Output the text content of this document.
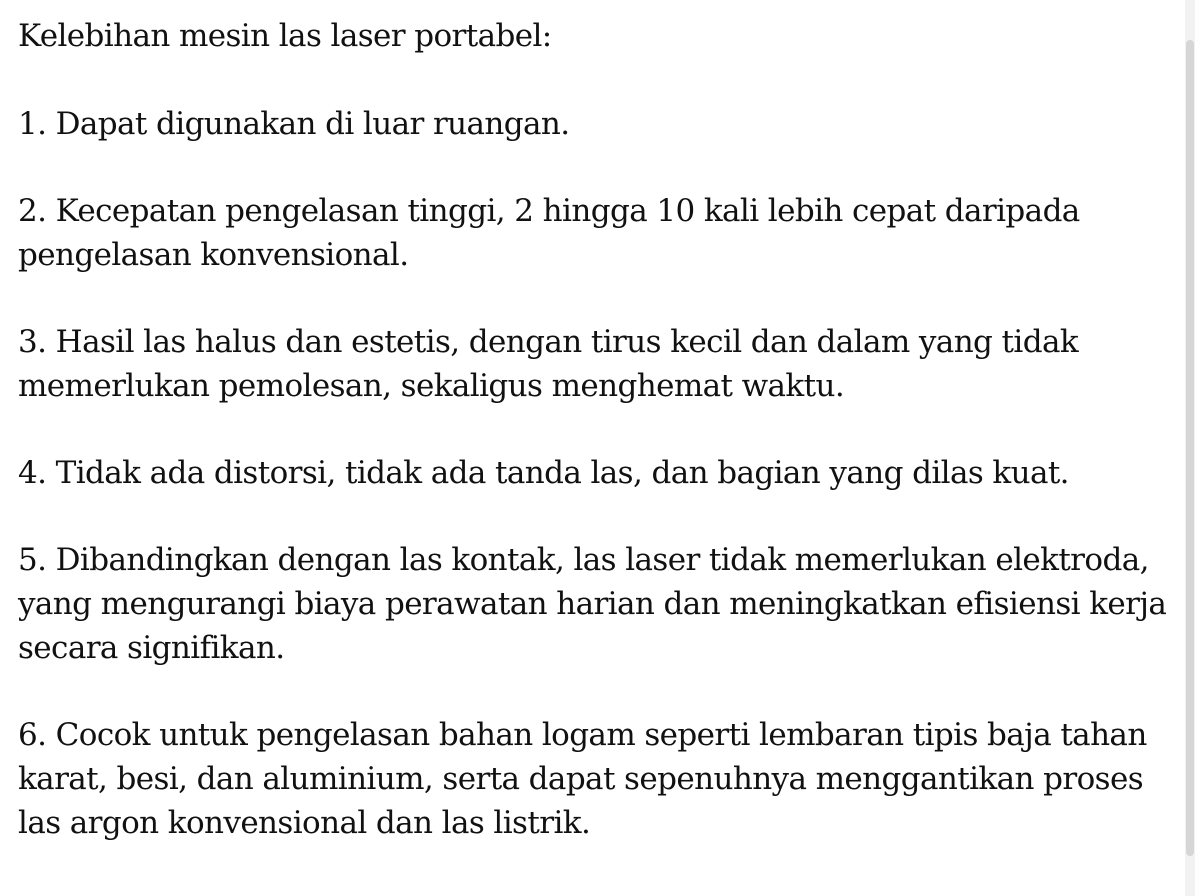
Kelebihan mesin las laser portabel:

1. Dapat digunakan di luar ruangan.

2. Kecepatan pengelasan tinggi, 2 hingga 10 kali lebih cepat daripada pengelasan konvensional.

3. Hasil las halus dan estetis, dengan tirus kecil dan dalam yang tidak memerlukan pemolesan, sekaligus menghemat waktu.

4. Tidak ada distorsi, tidak ada tanda las, dan bagian yang dilas kuat.

5. Dibandingkan dengan las kontak, las laser tidak memerlukan elektroda, yang mengurangi biaya perawatan harian dan meningkatkan efisiensi kerja secara signifikan.

6. Cocok untuk pengelasan bahan logam seperti lembaran tipis baja tahan karat, besi, dan aluminium, serta dapat sepenuhnya menggantikan proses las argon konvensional dan las listrik.
